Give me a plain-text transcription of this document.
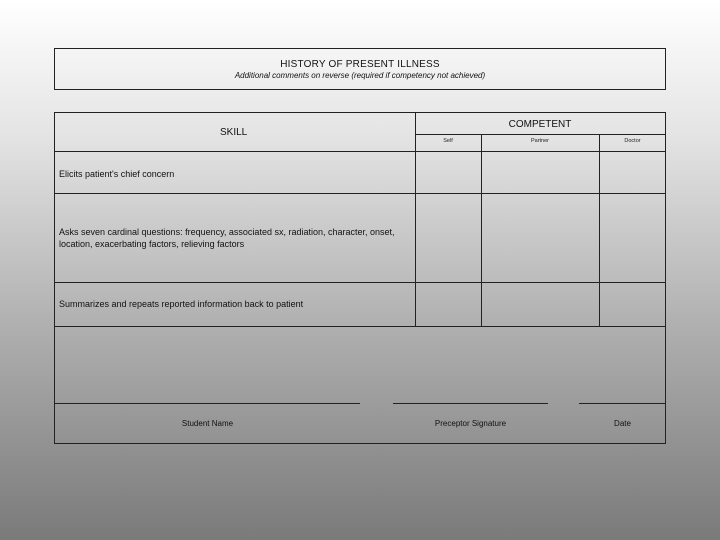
HISTORY OF PRESENT ILLNESS
Additional comments on reverse (required if competency not achieved)
SKILL
COMPETENT
Self	Partner	Doctor
Elicits patient's chief concern
Asks seven cardinal questions: frequency, associated sx, radiation, character, onset, location, exacerbating factors, relieving factors
Summarizes and repeats reported information back to patient
Student Name	Preceptor Signature	Date
